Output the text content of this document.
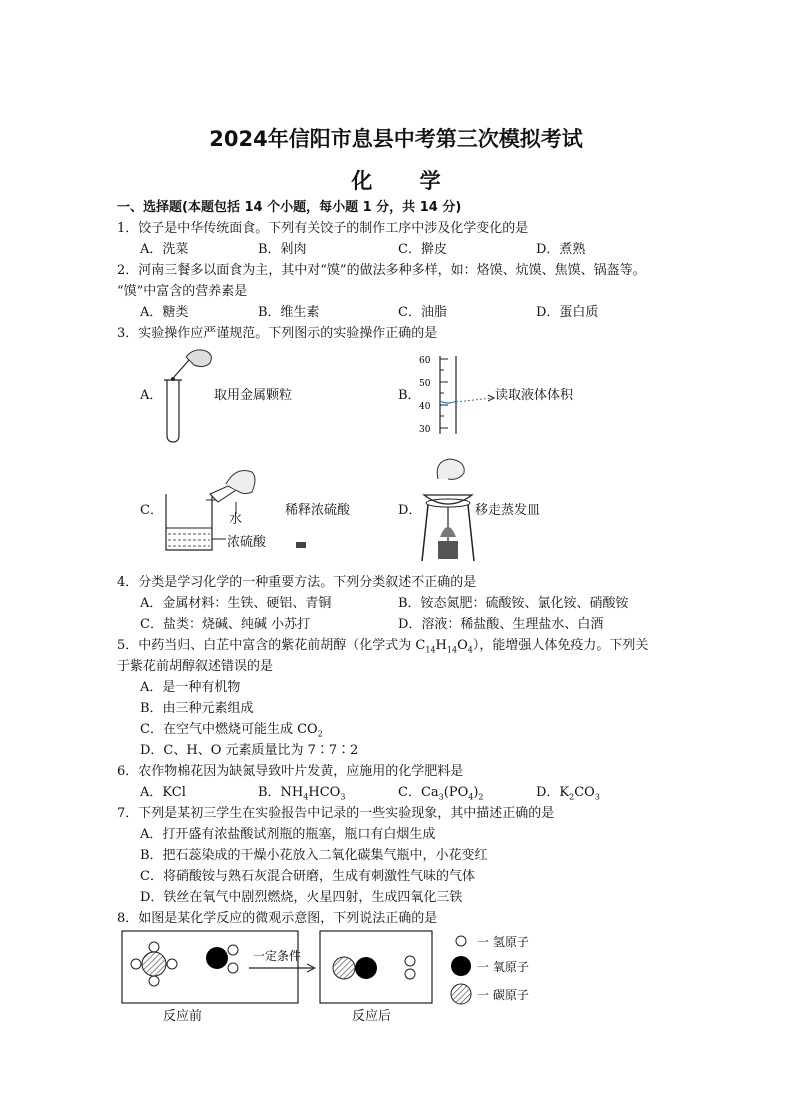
2024年信阳市息县中考第三次模拟考试
化 学
一、选择题(本题包括 14 个小题，每小题 1 分，共 14 分)
1．饺子是中华传统面食。下列有关饺子的制作工序中涉及化学变化的是
A．洗菜	B．剁肉	C．擀皮	D．煮熟
2．河南三餐多以面食为主，其中对“馍”的做法多种多样，如：烙馍、炕馍、焦馍、锅盔等。
“馍”中富含的营养素是
A．糖类	B．维生素	C．油脂	D．蛋白质
3．实验操作应严谨规范。下列图示的实验操作正确的是
A．	取用金属颗粒	B．
60
50
40
30
读取液体体积
C．
水
浓硫酸
稀释浓硫酸	D．	移走蒸发皿
4．分类是学习化学的一种重要方法。下列分类叙述不正确的是
A．金属材料：生铁、硬铝、青铜	B．铵态氮肥：硫酸铵、氯化铵、硝酸铵
C．盐类：烧碱、纯碱 小苏打	D．溶液：稀盐酸、生理盐水、白酒
5．中药当归、白芷中富含的紫花前胡醇（化学式为 $C_{14}H_{14}O_4$），能增强人体免疫力。下列关
于紫花前胡醇叙述错误的是
A．是一种有机物
B．由三种元素组成
C．在空气中燃烧可能生成 $CO_2$
D．C、H、O 元素质量比为 7∶7∶2
6．农作物棉花因为缺氮导致叶片发黄，应施用的化学肥料是
A．KCl	B．$NH_4HCO_3$	C．$Ca_3(PO_4)_2$	D．$K_2CO_3$
7．下列是某初三学生在实验报告中记录的一些实验现象，其中描述正确的是
A．打开盛有浓盐酸试剂瓶的瓶塞，瓶口有白烟生成
B．把石蕊染成的干燥小花放入二氧化碳集气瓶中，小花变红
C．将硝酸铵与熟石灰混合研磨，生成有刺激性气味的气体
D．铁丝在氧气中剧烈燃烧，火星四射，生成四氧化三铁
8．如图是某化学反应的微观示意图，下列说法正确的是
一定条件
一 氢原子
一 氧原子
一 碳原子
反应前	反应后
